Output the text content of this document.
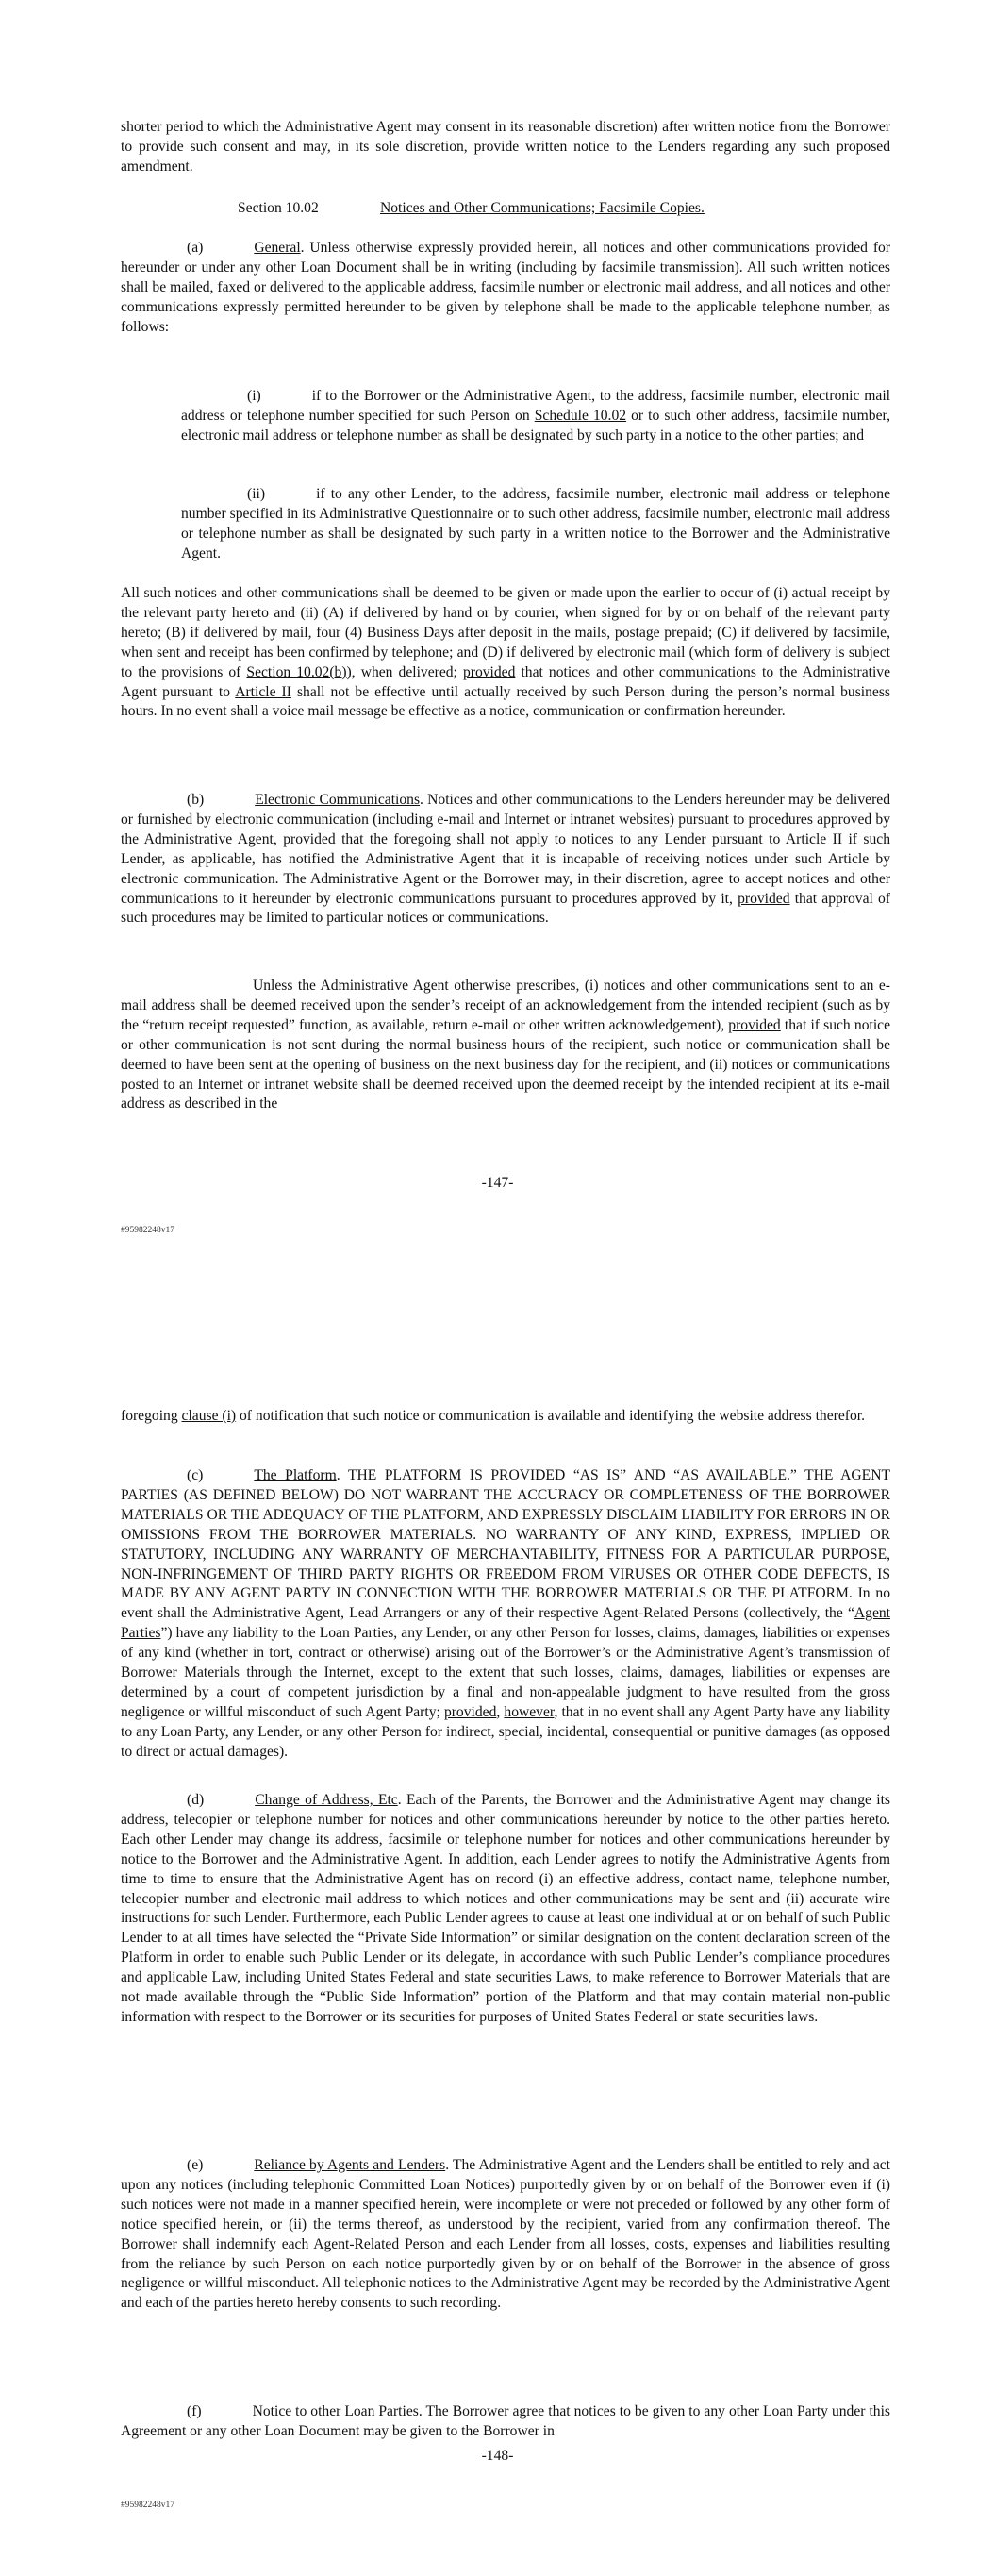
shorter period to which the Administrative Agent may consent in its reasonable discretion) after written notice from the Borrower to provide such consent and may, in its sole discretion, provide written notice to the Lenders regarding any such proposed amendment.

Section 10.02	Notices and Other Communications; Facsimile Copies.

(a)	General. Unless otherwise expressly provided herein, all notices and other communications provided for hereunder or under any other Loan Document shall be in writing (including by facsimile transmission). All such written notices shall be mailed, faxed or delivered to the applicable address, facsimile number or electronic mail address, and all notices and other communications expressly permitted hereunder to be given by telephone shall be made to the applicable telephone number, as follows:

(i)	if to the Borrower or the Administrative Agent, to the address, facsimile number, electronic mail address or telephone number specified for such Person on Schedule 10.02 or to such other address, facsimile number, electronic mail address or telephone number as shall be designated by such party in a notice to the other parties; and

(ii)	if to any other Lender, to the address, facsimile number, electronic mail address or telephone number specified in its Administrative Questionnaire or to such other address, facsimile number, electronic mail address or telephone number as shall be designated by such party in a written notice to the Borrower and the Administrative Agent.

All such notices and other communications shall be deemed to be given or made upon the earlier to occur of (i) actual receipt by the relevant party hereto and (ii) (A) if delivered by hand or by courier, when signed for by or on behalf of the relevant party hereto; (B) if delivered by mail, four (4) Business Days after deposit in the mails, postage prepaid; (C) if delivered by facsimile, when sent and receipt has been confirmed by telephone; and (D) if delivered by electronic mail (which form of delivery is subject to the provisions of Section 10.02(b)), when delivered; provided that notices and other communications to the Administrative Agent pursuant to Article II shall not be effective until actually received by such Person during the person’s normal business hours. In no event shall a voice mail message be effective as a notice, communication or confirmation hereunder.

(b)	Electronic Communications. Notices and other communications to the Lenders hereunder may be delivered or furnished by electronic communication (including e-mail and Internet or intranet websites) pursuant to procedures approved by the Administrative Agent, provided that the foregoing shall not apply to notices to any Lender pursuant to Article II if such Lender, as applicable, has notified the Administrative Agent that it is incapable of receiving notices under such Article by electronic communication. The Administrative Agent or the Borrower may, in their discretion, agree to accept notices and other communications to it hereunder by electronic communications pursuant to procedures approved by it, provided that approval of such procedures may be limited to particular notices or communications.

Unless the Administrative Agent otherwise prescribes, (i) notices and other communications sent to an e-mail address shall be deemed received upon the sender’s receipt of an acknowledgement from the intended recipient (such as by the “return receipt requested” function, as available, return e-mail or other written acknowledgement), provided that if such notice or other communication is not sent during the normal business hours of the recipient, such notice or communication shall be deemed to have been sent at the opening of business on the next business day for the recipient, and (ii) notices or communications posted to an Internet or intranet website shall be deemed received upon the deemed receipt by the intended recipient at its e-mail address as described in the

-147-
#95982248v17

foregoing clause (i) of notification that such notice or communication is available and identifying the website address therefor.

(c)	The Platform. THE PLATFORM IS PROVIDED “AS IS” AND “AS AVAILABLE.” THE AGENT PARTIES (AS DEFINED BELOW) DO NOT WARRANT THE ACCURACY OR COMPLETENESS OF THE BORROWER MATERIALS OR THE ADEQUACY OF THE PLATFORM, AND EXPRESSLY DISCLAIM LIABILITY FOR ERRORS IN OR OMISSIONS FROM THE BORROWER MATERIALS. NO WARRANTY OF ANY KIND, EXPRESS, IMPLIED OR STATUTORY, INCLUDING ANY WARRANTY OF MERCHANTABILITY, FITNESS FOR A PARTICULAR PURPOSE, NON-INFRINGEMENT OF THIRD PARTY RIGHTS OR FREEDOM FROM VIRUSES OR OTHER CODE DEFECTS, IS MADE BY ANY AGENT PARTY IN CONNECTION WITH THE BORROWER MATERIALS OR THE PLATFORM. In no event shall the Administrative Agent, Lead Arrangers or any of their respective Agent-Related Persons (collectively, the “Agent Parties”) have any liability to the Loan Parties, any Lender, or any other Person for losses, claims, damages, liabilities or expenses of any kind (whether in tort, contract or otherwise) arising out of the Borrower’s or the Administrative Agent’s transmission of Borrower Materials through the Internet, except to the extent that such losses, claims, damages, liabilities or expenses are determined by a court of competent jurisdiction by a final and non-appealable judgment to have resulted from the gross negligence or willful misconduct of such Agent Party; provided, however, that in no event shall any Agent Party have any liability to any Loan Party, any Lender, or any other Person for indirect, special, incidental, consequential or punitive damages (as opposed to direct or actual damages).

(d)	Change of Address, Etc. Each of the Parents, the Borrower and the Administrative Agent may change its address, telecopier or telephone number for notices and other communications hereunder by notice to the other parties hereto. Each other Lender may change its address, facsimile or telephone number for notices and other communications hereunder by notice to the Borrower and the Administrative Agent. In addition, each Lender agrees to notify the Administrative Agents from time to time to ensure that the Administrative Agent has on record (i) an effective address, contact name, telephone number, telecopier number and electronic mail address to which notices and other communications may be sent and (ii) accurate wire instructions for such Lender. Furthermore, each Public Lender agrees to cause at least one individual at or on behalf of such Public Lender to at all times have selected the “Private Side Information” or similar designation on the content declaration screen of the Platform in order to enable such Public Lender or its delegate, in accordance with such Public Lender’s compliance procedures and applicable Law, including United States Federal and state securities Laws, to make reference to Borrower Materials that are not made available through the “Public Side Information” portion of the Platform and that may contain material non-public information with respect to the Borrower or its securities for purposes of United States Federal or state securities laws.

(e)	Reliance by Agents and Lenders. The Administrative Agent and the Lenders shall be entitled to rely and act upon any notices (including telephonic Committed Loan Notices) purportedly given by or on behalf of the Borrower even if (i) such notices were not made in a manner specified herein, were incomplete or were not preceded or followed by any other form of notice specified herein, or (ii) the terms thereof, as understood by the recipient, varied from any confirmation thereof. The Borrower shall indemnify each Agent-Related Person and each Lender from all losses, costs, expenses and liabilities resulting from the reliance by such Person on each notice purportedly given by or on behalf of the Borrower in the absence of gross negligence or willful misconduct. All telephonic notices to the Administrative Agent may be recorded by the Administrative Agent and each of the parties hereto hereby consents to such recording.

(f)	Notice to other Loan Parties. The Borrower agree that notices to be given to any other Loan Party under this Agreement or any other Loan Document may be given to the Borrower in

-148-
#95982248v17
